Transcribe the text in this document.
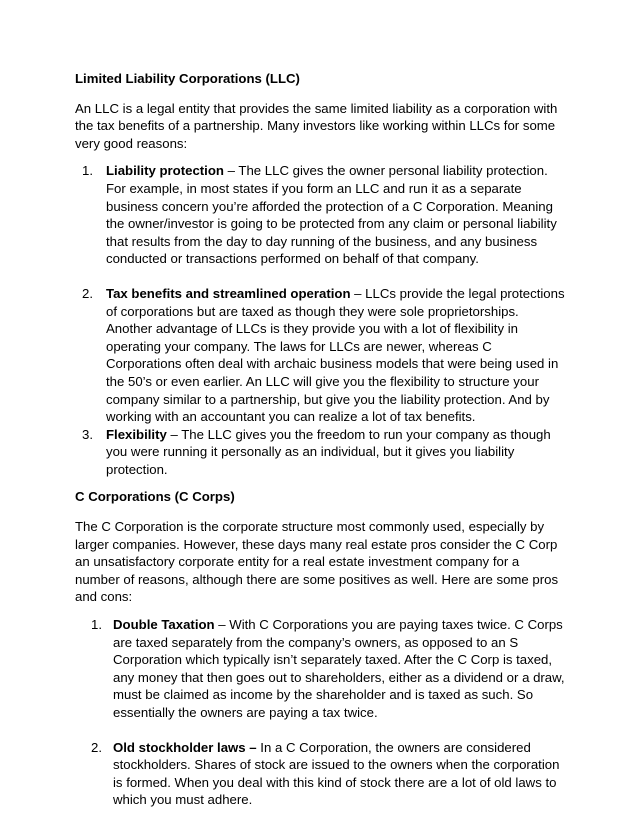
Limited Liability Corporations (LLC)

An LLC is a legal entity that provides the same limited liability as a corporation with the tax benefits of a partnership. Many investors like working within LLCs for some very good reasons:

1. Liability protection – The LLC gives the owner personal liability protection. For example, in most states if you form an LLC and run it as a separate business concern you’re afforded the protection of a C Corporation. Meaning the owner/investor is going to be protected from any claim or personal liability that results from the day to day running of the business, and any business conducted or transactions performed on behalf of that company.
2. Tax benefits and streamlined operation – LLCs provide the legal protections of corporations but are taxed as though they were sole proprietorships. Another advantage of LLCs is they provide you with a lot of flexibility in operating your company. The laws for LLCs are newer, whereas C Corporations often deal with archaic business models that were being used in the 50’s or even earlier. An LLC will give you the flexibility to structure your company similar to a partnership, but give you the liability protection. And by working with an accountant you can realize a lot of tax benefits.
3. Flexibility – The LLC gives you the freedom to run your company as though you were running it personally as an individual, but it gives you liability protection.
C Corporations (C Corps)

The C Corporation is the corporate structure most commonly used, especially by larger companies. However, these days many real estate pros consider the C Corp an unsatisfactory corporate entity for a real estate investment company for a number of reasons, although there are some positives as well. Here are some pros and cons:

1. Double Taxation – With C Corporations you are paying taxes twice. C Corps are taxed separately from the company’s owners, as opposed to an S Corporation which typically isn’t separately taxed. After the C Corp is taxed, any money that then goes out to shareholders, either as a dividend or a draw, must be claimed as income by the shareholder and is taxed as such. So essentially the owners are paying a tax twice.
2. Old stockholder laws – In a C Corporation, the owners are considered stockholders. Shares of stock are issued to the owners when the corporation is formed. When you deal with this kind of stock there are a lot of old laws to which you must adhere.
